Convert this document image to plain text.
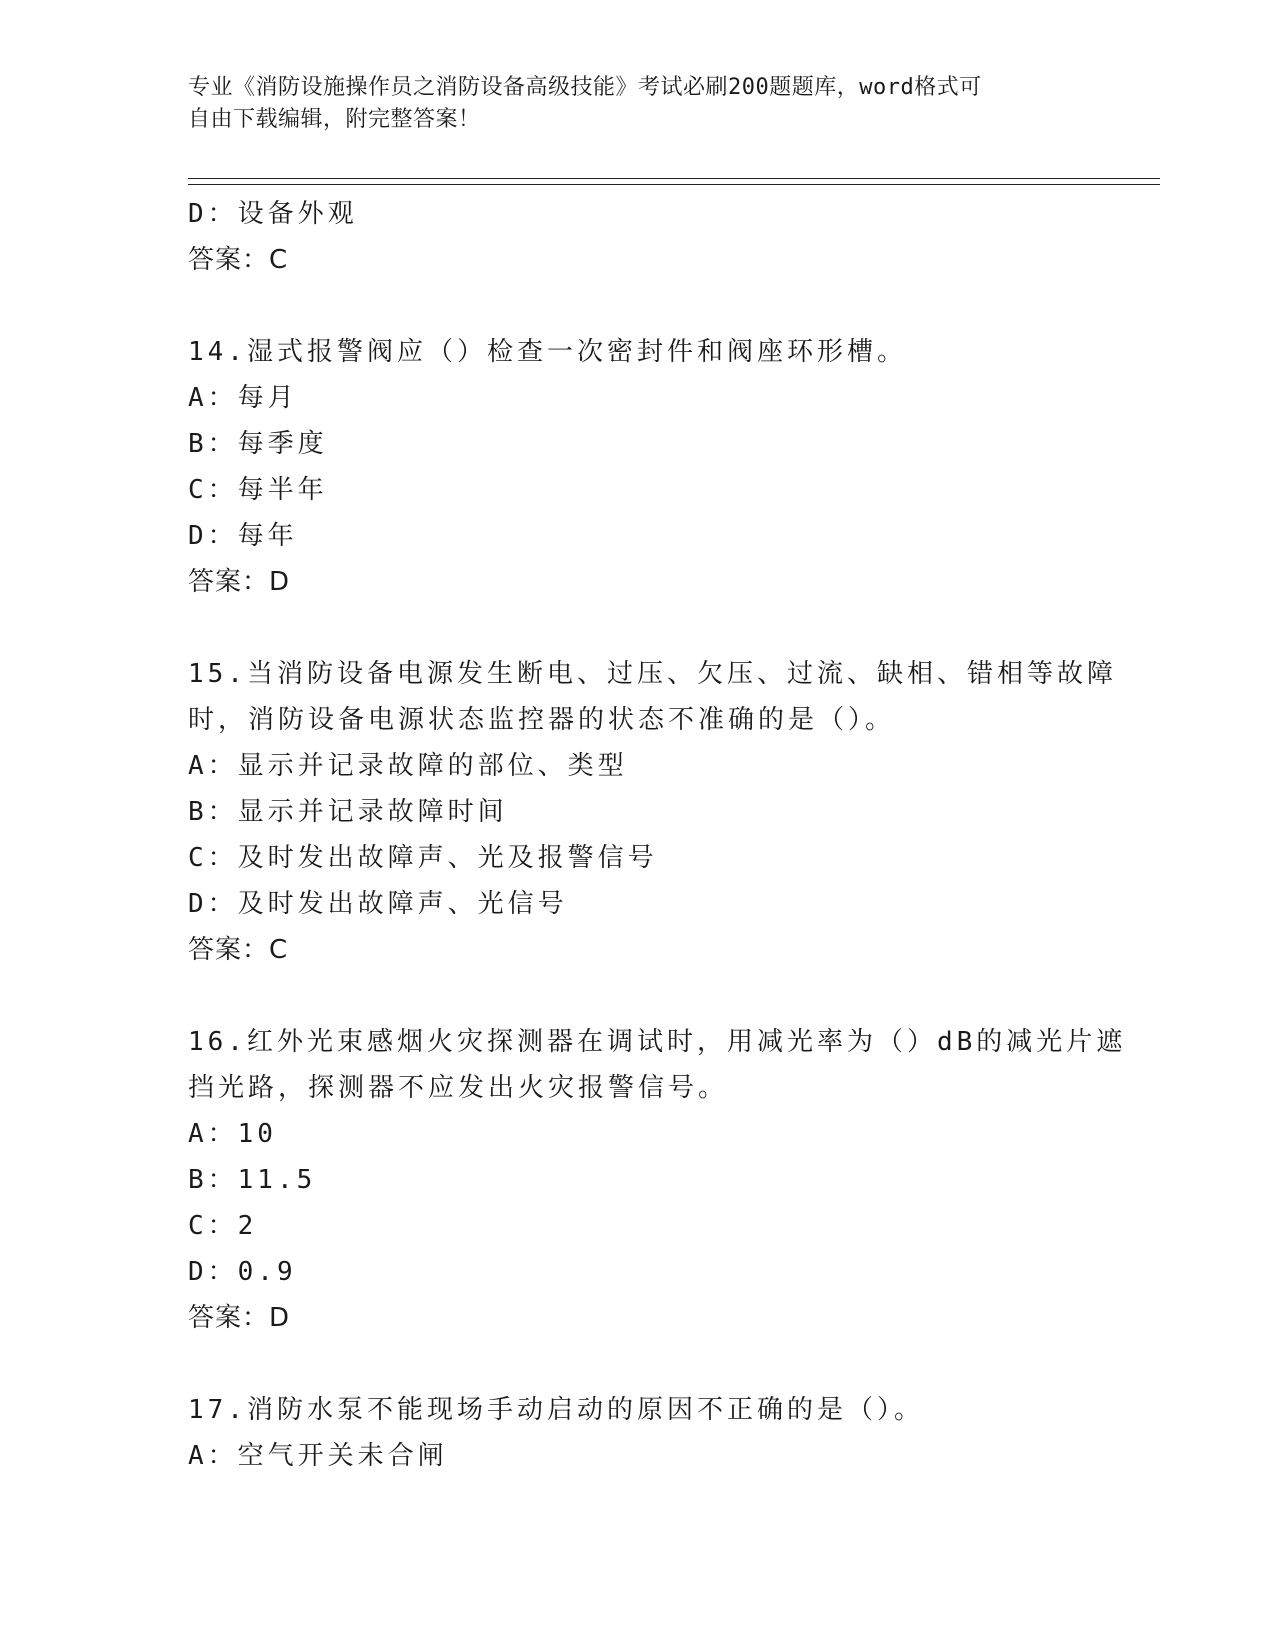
专业《消防设施操作员之消防设备高级技能》考试必刷200题题库，word格式可
自由下载编辑，附完整答案！
D：设备外观
答案：C
14.湿式报警阀应（）检查一次密封件和阀座环形槽。
A：每月
B：每季度
C：每半年
D：每年
答案：D
15.当消防设备电源发生断电、过压、欠压、过流、缺相、错相等故障
时，消防设备电源状态监控器的状态不准确的是（）。
A：显示并记录故障的部位、类型
B：显示并记录故障时间
C：及时发出故障声、光及报警信号
D：及时发出故障声、光信号
答案：C
16.红外光束感烟火灾探测器在调试时，用减光率为（）dB的减光片遮
挡光路，探测器不应发出火灾报警信号。
A：10
B：11.5
C：2
D：0.9
答案：D
17.消防水泵不能现场手动启动的原因不正确的是（）。
A：空气开关未合闸
